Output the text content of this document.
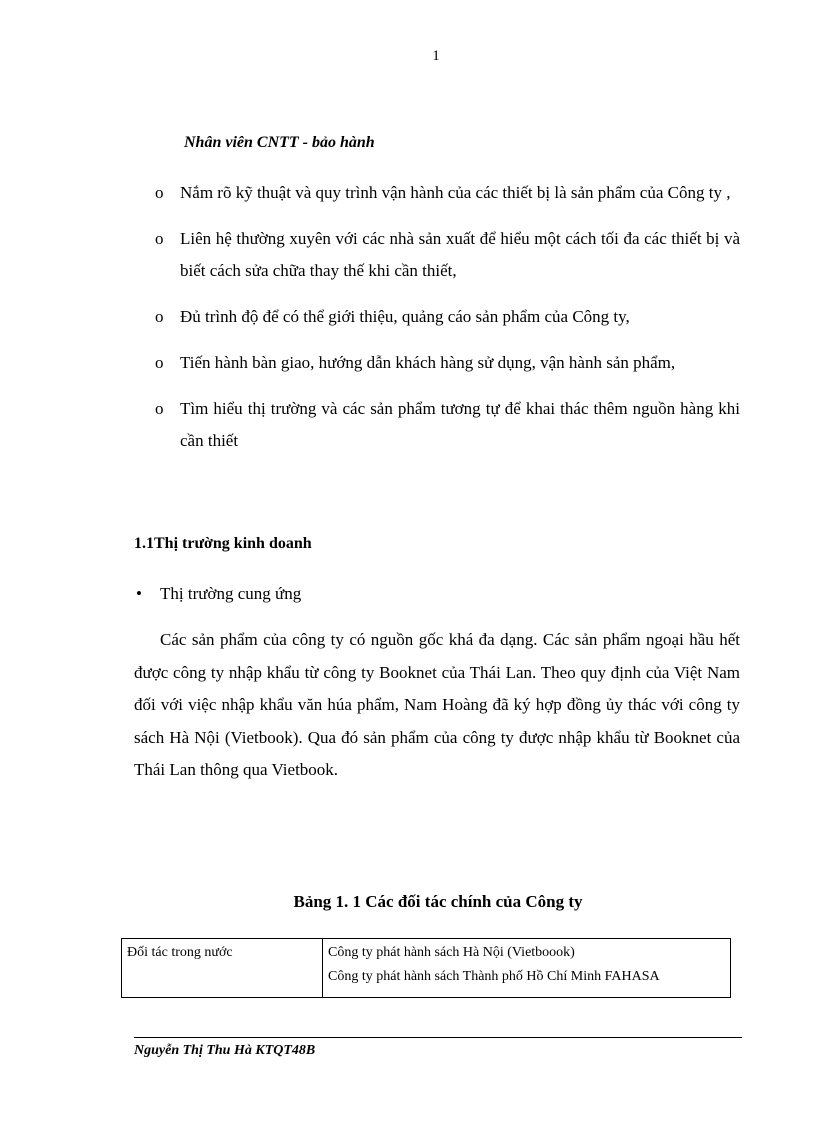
1
Nhân viên CNTT - bảo hành
o Nắm rõ kỹ thuật và quy trình vận hành của các thiết bị là sản phẩm của Công ty ,
o Liên hệ thường xuyên với các nhà sản xuất để hiểu một cách tối đa các thiết bị và biết cách sửa chữa thay thế khi cần thiết,
o Đủ trình độ để có thể giới thiệu, quảng cáo sản phẩm của Công ty,
o Tiến hành bàn giao, hướng dẫn khách hàng sử dụng, vận hành sản phẩm,
o Tìm hiểu thị trường và các sản phẩm tương tự để khai thác thêm nguồn hàng khi cần thiết
1.1Thị trường kinh doanh
• Thị trường cung ứng

Các sản phẩm của công ty có nguồn gốc khá đa dạng. Các sản phẩm ngoại hầu hết được công ty nhập khẩu từ công ty Booknet của Thái Lan. Theo quy định của Việt Nam đối với việc nhập khẩu văn húa phẩm, Nam Hoàng đã ký hợp đồng ủy thác với công ty sách Hà Nội (Vietbook). Qua đó sản phẩm của công ty được nhập khẩu từ Booknet của Thái Lan thông qua Vietbook.

Bảng 1. 1 Các đối tác chính của Công ty
Đối tác trong nước	Công ty phát hành sách Hà Nội (Vietboook)
Công ty phát hành sách Thành phố Hồ Chí Minh FAHASA
Nguyễn Thị Thu Hà KTQT48B
